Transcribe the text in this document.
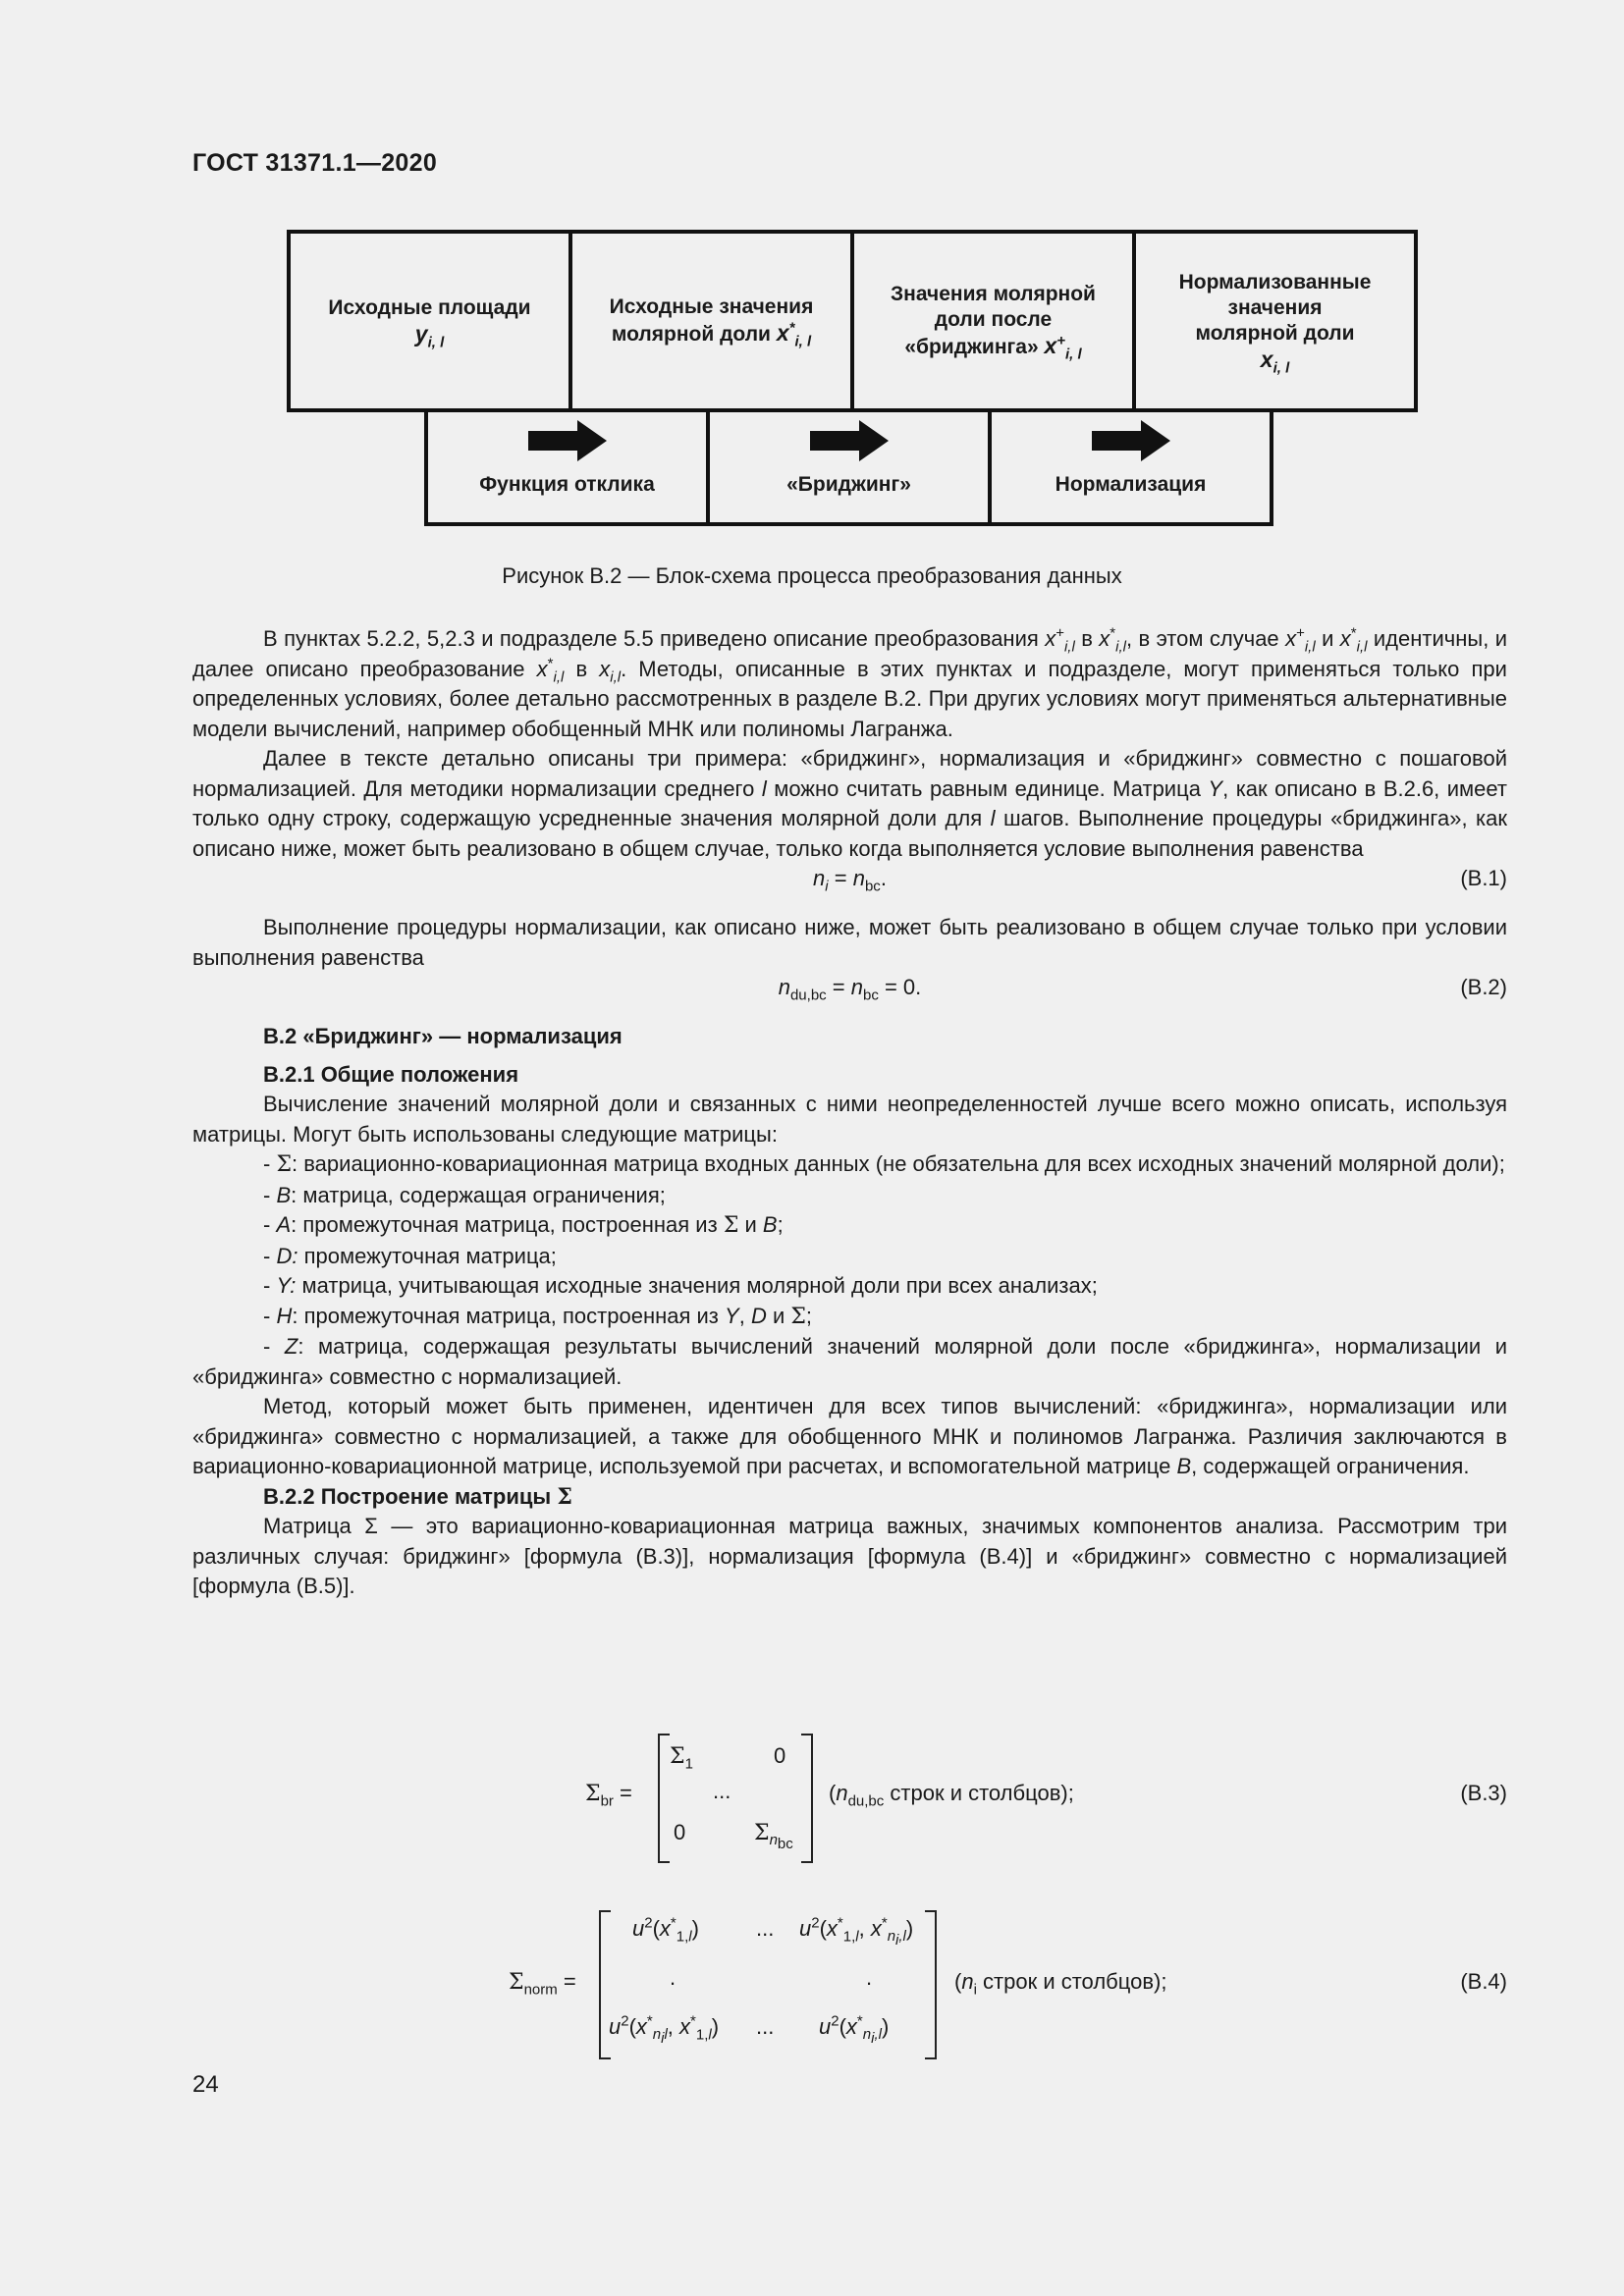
ГОСТ 31371.1—2020
Исходные площади
$y_{i, l}$
Исходные значения
молярной доли $x^*_{i, l}$
Значения молярной
доли после
«бриджинга» $x^+_{i, l}$
Нормализованные
значения
молярной доли
$x_{i, l}$
Функция отклика	«Бриджинг»	Нормализация
Рисунок В.2 — Блок-схема процесса преобразования данных

В пунктах 5.2.2, 5,2.3 и подразделе 5.5 приведено описание преобразования $x^+_{i,l}$ в $x^*_{i,l}$, в этом случае $x^+_{i,l}$ и $x^*_{i,l}$ идентичны, и далее описано преобразование $x^*_{i,l}$ в $x_{i,l}$. Методы, описанные в этих пунктах и подразделе, могут применяться только при определенных условиях, более детально рассмотренных в разделе В.2. При других условиях могут применяться альтернативные модели вычислений, например обобщенный МНК или полиномы Лагранжа.

Далее в тексте детально описаны три примера: «бриджинг», нормализация и «бриджинг» совместно с пошаговой нормализацией. Для методики нормализации среднего l можно считать равным единице. Матрица Y, как описано в В.2.6, имеет только одну строку, содержащую усредненные значения молярной доли для l шагов. Выполнение процедуры «бриджинга», как описано ниже, может быть реализовано в общем случае, только когда выполняется условие выполнения равенства

$n_i = n_{bc}$.	(В.1)

Выполнение процедуры нормализации, как описано ниже, может быть реализовано в общем случае только при условии выполнения равенства

$n_{du,bc} = n_{bc} = 0$.	(В.2)

В.2 «Бриджинг» — нормализация

В.2.1 Общие положения

Вычисление значений молярной доли и связанных с ними неопределенностей лучше всего можно описать, используя матрицы. Могут быть использованы следующие матрицы:

- Σ: вариационно-ковариационная матрица входных данных (не обязательна для всех исходных значений молярной доли);

- B: матрица, содержащая ограничения;

- A: промежуточная матрица, построенная из Σ и B;

- D: промежуточная матрица;

- Y: матрица, учитывающая исходные значения молярной доли при всех анализах;

- H: промежуточная матрица, построенная из Y, D и Σ;

- Z: матрица, содержащая результаты вычислений значений молярной доли после «бриджинга», нормализации и «бриджинга» совместно с нормализацией.

Метод, который может быть применен, идентичен для всех типов вычислений: «бриджинга», нормализации или «бриджинга» совместно с нормализацией, а также для обобщенного МНК и полиномов Лагранжа. Различия заключаются в вариационно-ковариационной матрице, используемой при расчетах, и вспомогательной матрице B, содержащей ограничения.

В.2.2 Построение матрицы Σ

Матрица Σ — это вариационно-ковариационная матрица важных, значимых компонентов анализа. Рассмотрим три различных случая: бриджинг» [формула (В.3)], нормализация [формула (В.4)] и «бриджинг» совместно с нормализацией [формула (В.5)].

$\Sigma_{br}$ =
$\Sigma_1$	0
...
0	$\Sigma_{n_{bc}}$
($n_{du,bc}$ строк и столбцов);	(В.3)
$\Sigma_{norm}$ =
$u^2(x^*_{1,l})$	... $u^2(x^*_{1,l}$, $x^*_{n_i,l}$)
.	.
$u^2(x^*_{n_il}$, $x^*_{1,l}$) ... $u^2(x^*_{n_i,l})$
($n_i$ строк и столбцов);	(В.4)
24
